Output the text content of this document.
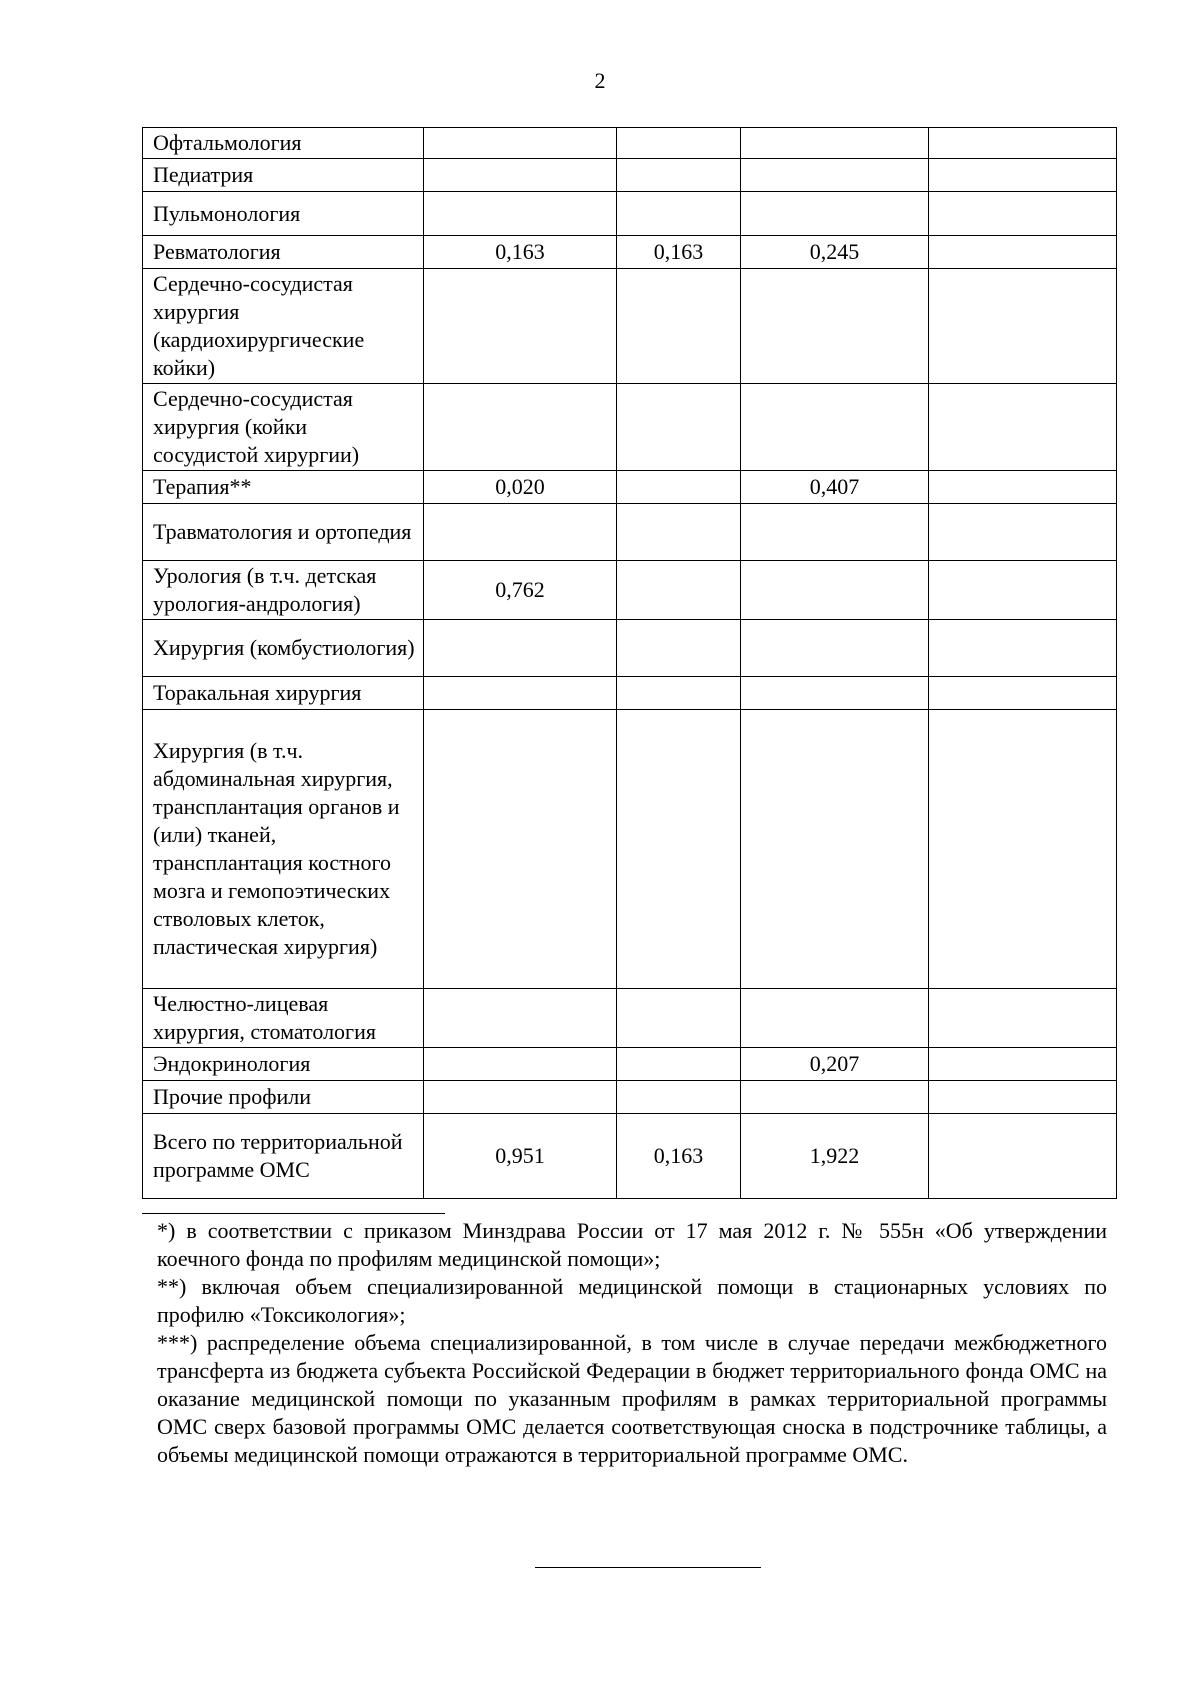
2
Офтальмология				
Педиатрия				
Пульмонология				
Ревматология	0,163	0,163	0,245	
Сердечно-сосудистая хирургия (кардиохирургические койки)				
Сердечно-сосудистая хирургия (койки сосудистой хирургии)				
Терапия**	0,020		0,407	
Травматология и ортопедия				
Урология (в т.ч. детская урология-андрология)	0,762			
Хирургия (комбустиология)				
Торакальная хирургия				
Хирургия (в т.ч. абдоминальная хирургия, трансплантация органов и (или) тканей, трансплантация костного мозга и гемопоэтических стволовых клеток, пластическая хирургия)				
Челюстно-лицевая хирургия, стоматология				
Эндокринология			0,207	
Прочие профили				
Всего по территориальной программе ОМС	0,951	0,163	1,922	

*) в соответствии с приказом Минздрава России от 17 мая 2012 г. № 555н «Об утверждении коечного фонда по профилям медицинской помощи»;

**) включая объем специализированной медицинской помощи в стационарных условиях по профилю «Токсикология»;

***) распределение объема специализированной, в том числе в случае передачи межбюджетного трансферта из бюджета субъекта Российской Федерации в бюджет территориального фонда ОМС на оказание медицинской помощи по указанным профилям в рамках территориальной программы ОМС сверх базовой программы ОМС делается соответствующая сноска в подстрочнике таблицы, а объемы медицинской помощи отражаются в территориальной программе ОМС.
